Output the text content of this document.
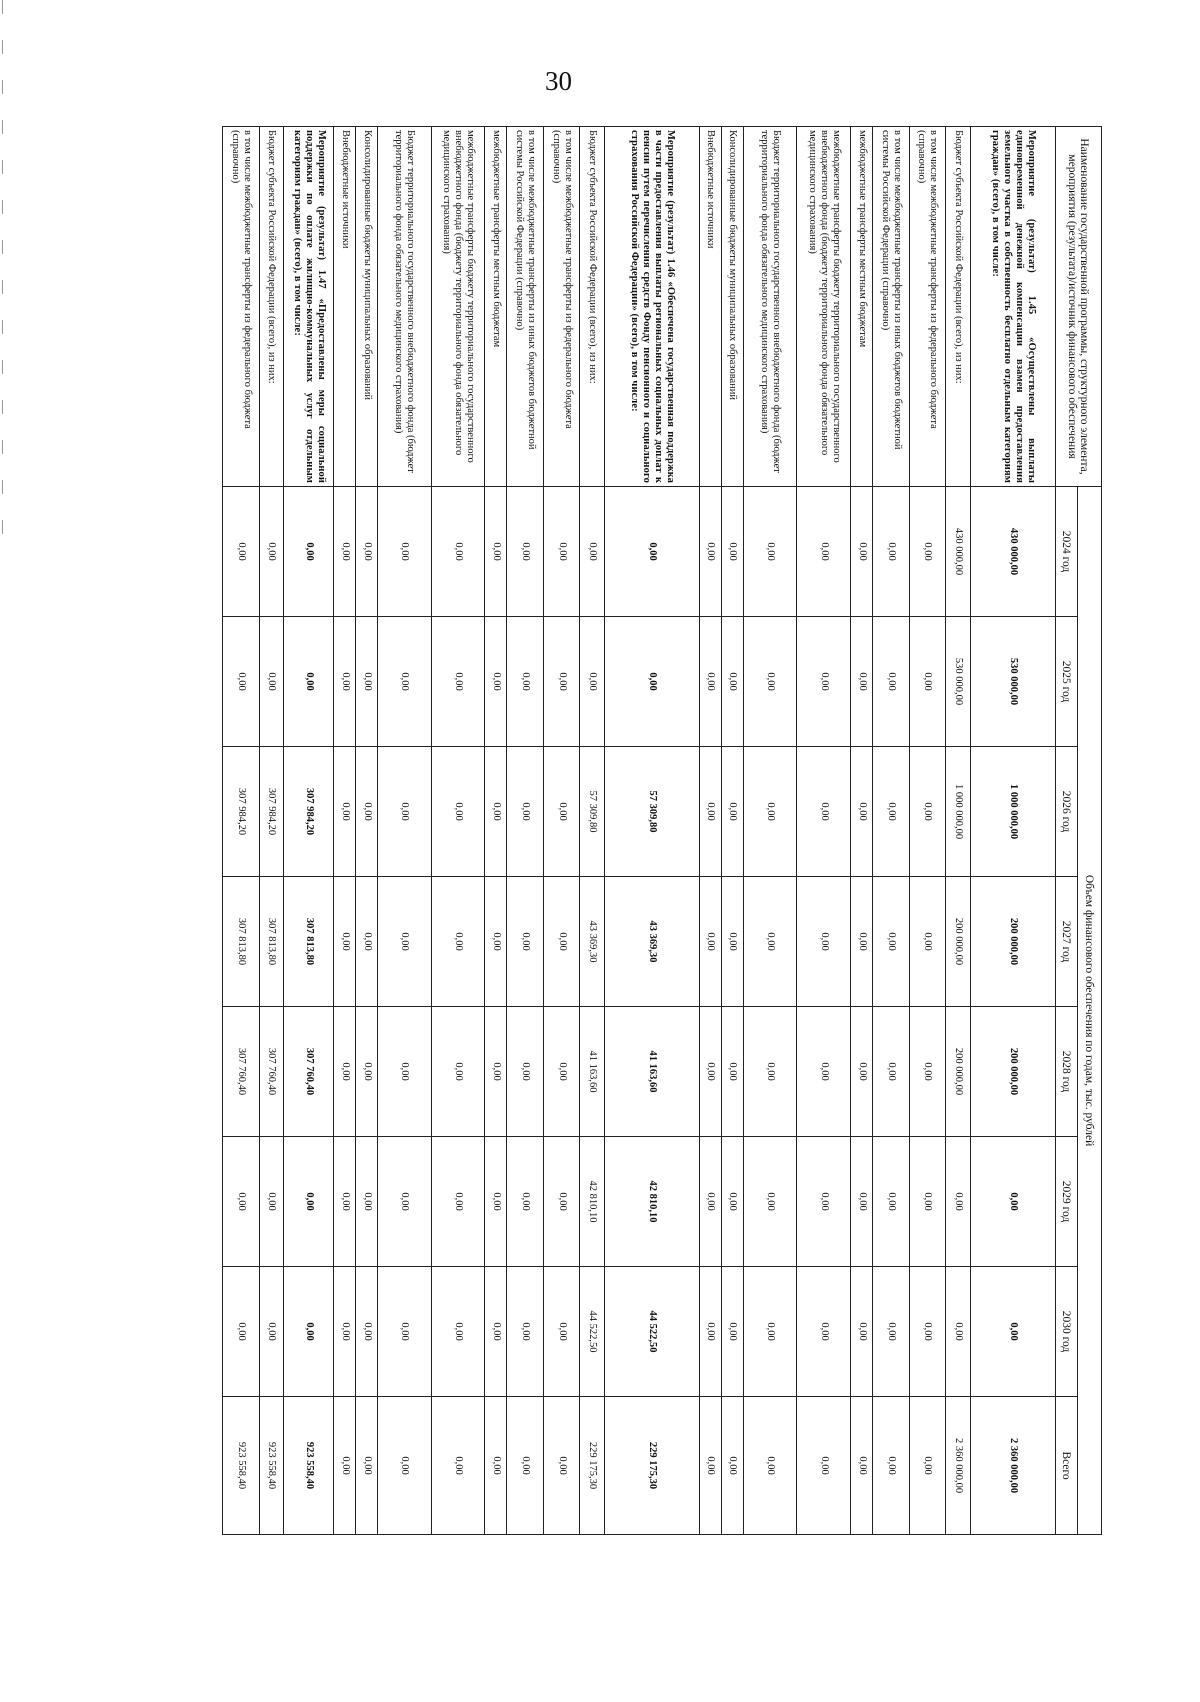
30
Наименование государственной программы, структурного элемента, мероприятия (результата)/источник финансового обеспечения	Объем финансового обеспечения по годам, тыс. рублей							
	2024 год	2025 год	2026 год	2027 год	2028 год	2029 год	2030 год	Всего
Мероприятие (результат) 1.45 «Осуществлены выплаты единовременной денежной компенсации взамен предоставления земельного участка в собственность бесплатно отдельным категориям граждан» (всего), в том числе:	430 000,00	530 000,00	1 000 000,00	200 000,00	200 000,00	0,00	0,00	2 360 000,00
Бюджет субъекта Российской Федерации (всего), из них:	430 000,00	530 000,00	1 000 000,00	200 000,00	200 000,00	0,00	0,00	2 360 000,00
в том числе межбюджетные трансферты из федерального бюджета (справочно)	0,00	0,00	0,00	0,00	0,00	0,00	0,00	0,00
в том числе межбюджетные трансферты из иных бюджетов бюджетной системы Российской Федерации (справочно)	0,00	0,00	0,00	0,00	0,00	0,00	0,00	0,00
межбюджетные трансферты местным бюджетам	0,00	0,00	0,00	0,00	0,00	0,00	0,00	0,00
межбюджетные трансферты бюджету территориального государственного внебюджетного фонда (бюджету территориального фонда обязательного медицинского страхования)	0,00	0,00	0,00	0,00	0,00	0,00	0,00	0,00
Бюджет территориального государственного внебюджетного фонда (бюджет территориального фонда обязательного медицинского страхования)	0,00	0,00	0,00	0,00	0,00	0,00	0,00	0,00
Консолидированные бюджеты муниципальных образований	0,00	0,00	0,00	0,00	0,00	0,00	0,00	0,00
Внебюджетные источники	0,00	0,00	0,00	0,00	0,00	0,00	0,00	0,00
Мероприятие (результат) 1.46 «Обеспечена государственная поддержка в части предоставления выплаты региональных социальных доплат к пенсии путем перечисления средств Фонду пенсионного и социального страхования Российской Федерации» (всего), в том числе:	0,00	0,00	57 309,80	43 369,30	41 163,60	42 810,10	44 522,50	229 175,30
Бюджет субъекта Российской Федерации (всего), из них:	0,00	0,00	57 309,80	43 369,30	41 163,60	42 810,10	44 522,50	229 175,30
в том числе межбюджетные трансферты из федерального бюджета (справочно)	0,00	0,00	0,00	0,00	0,00	0,00	0,00	0,00
в том числе межбюджетные трансферты из иных бюджетов бюджетной системы Российской Федерации (справочно)	0,00	0,00	0,00	0,00	0,00	0,00	0,00	0,00
межбюджетные трансферты местным бюджетам	0,00	0,00	0,00	0,00	0,00	0,00	0,00	0,00
межбюджетные трансферты бюджету территориального государственного внебюджетного фонда (бюджету территориального фонда обязательного медицинского страхования)	0,00	0,00	0,00	0,00	0,00	0,00	0,00	0,00
Бюджет территориального государственного внебюджетного фонда (бюджет территориального фонда обязательного медицинского страхования)	0,00	0,00	0,00	0,00	0,00	0,00	0,00	0,00
Консолидированные бюджеты муниципальных образований	0,00	0,00	0,00	0,00	0,00	0,00	0,00	0,00
Внебюджетные источники	0,00	0,00	0,00	0,00	0,00	0,00	0,00	0,00
Мероприятие (результат) 1.47 «Предоставлены меры социальной поддержки по оплате жилищно-коммунальных услуг отдельным категориям граждан» (всего), в том числе:	0,00	0,00	307 984,20	307 813,80	307 760,40	0,00	0,00	923 558,40
Бюджет субъекта Российской Федерации (всего), из них:	0,00	0,00	307 984,20	307 813,80	307 760,40	0,00	0,00	923 558,40
в том числе межбюджетные трансферты из федерального бюджета (справочно)	0,00	0,00	307 984,20	307 813,80	307 760,40	0,00	0,00	923 558,40
